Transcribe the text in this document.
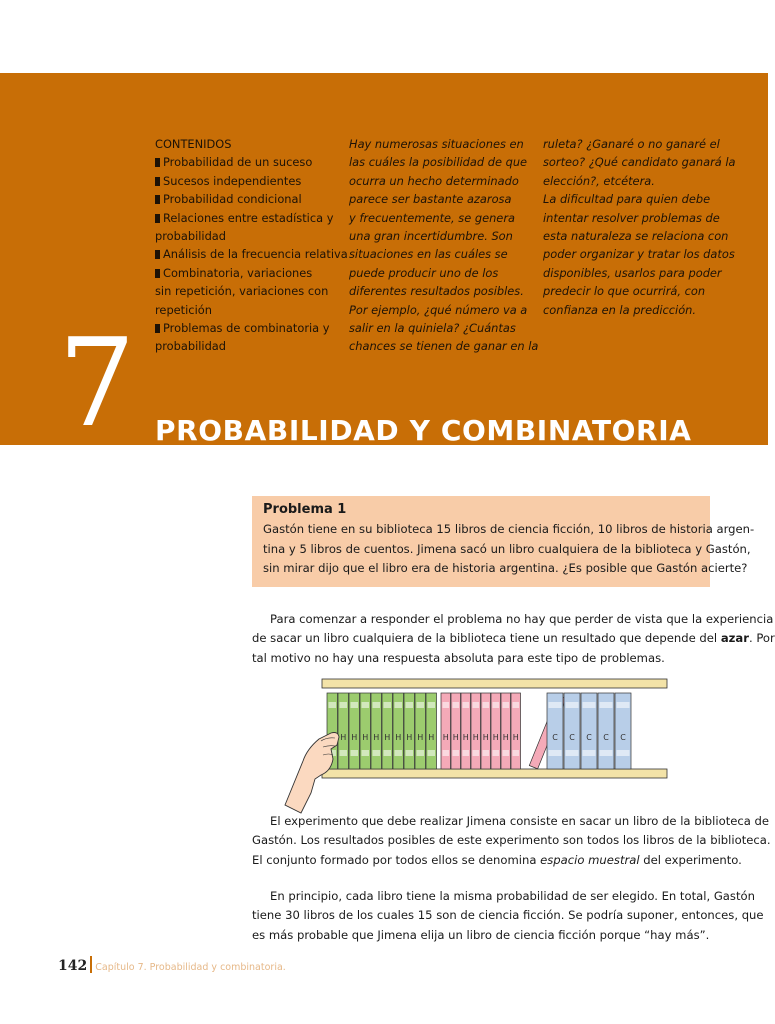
CONTENIDOS
Probabilidad de un suceso
Sucesos independientes
Probabilidad condicional
Relaciones entre estadística y
probabilidad
Análisis de la frecuencia relativa
Combinatoria, variaciones
sin repetición, variaciones con
repetición
Problemas de combinatoria y
probabilidad
Hay numerosas situaciones en
las cuáles la posibilidad de que
ocurra un hecho determinado
parece ser bastante azarosa
y frecuentemente, se genera
una gran incertidumbre. Son
situaciones en las cuáles se
puede producir uno de los
diferentes resultados posibles.
Por ejemplo, ¿qué número va a
salir en la quiniela? ¿Cuántas
chances se tienen de ganar en la
ruleta? ¿Ganaré o no ganaré el
sorteo? ¿Qué candidato ganará la
elección?, etcétera.
La dificultad para quien debe
intentar resolver problemas de
esta naturaleza se relaciona con
poder organizar y tratar los datos
disponibles, usarlos para poder
predecir lo que ocurrirá, con
confianza en la predicción.
7 PROBABILIDAD Y COMBINATORIA
Problema 1
Gastón tiene en su biblioteca 15 libros de ciencia ficción, 10 libros de historia argen-
tina y 5 libros de cuentos. Jimena sacó un libro cualquiera de la biblioteca y Gastón,
sin mirar dijo que el libro era de historia argentina. ¿Es posible que Gastón acierte?
Para comenzar a responder el problema no hay que perder de vista que la experiencia
de sacar un libro cualquiera de la biblioteca tiene un resultado que depende del azar. Por
tal motivo no hay una respuesta absoluta para este tipo de problemas.
H H H H H H H H H H H H H H H H H	C C C C C
El experimento que debe realizar Jimena consiste en sacar un libro de la biblioteca de
Gastón. Los resultados posibles de este experimento son todos los libros de la biblioteca.
El conjunto formado por todos ellos se denomina espacio muestral del experimento.
En principio, cada libro tiene la misma probabilidad de ser elegido. En total, Gastón
tiene 30 libros de los cuales 15 son de ciencia ficción. Se podría suponer, entonces, que
es más probable que Jimena elija un libro de ciencia ficción porque “hay más”.
142 Capítulo 7. Probabilidad y combinatoria.
